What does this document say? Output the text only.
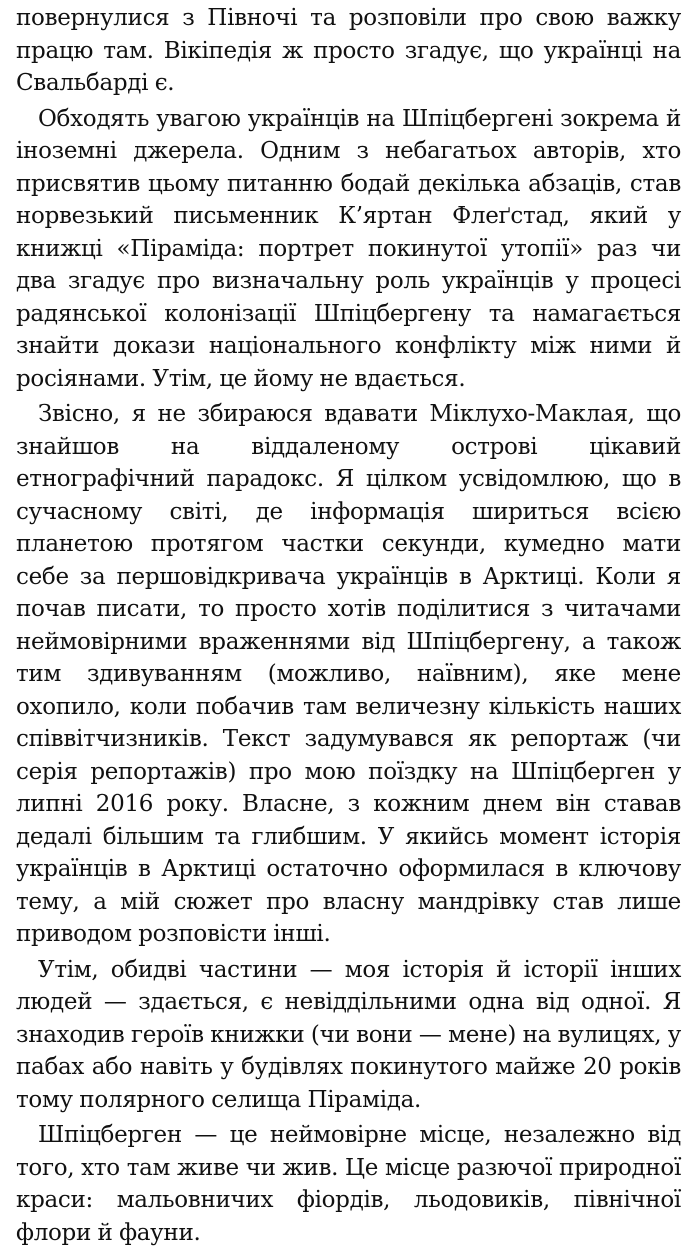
повернулися з Півночі та розповіли про свою важку працю там. Вікіпедія ж просто згадує, що українці на Свальбарді є.

Обходять увагою українців на Шпіцбергені зокрема й іноземні джерела. Одним з небагатьох авторів, хто присвятив цьому питанню бодай декілька абзаців, став норвезький письменник К’яртан Флеґстад, який у книжці «Піраміда: портрет покинутої утопії» раз чи два згадує про визначальну роль українців у процесі радянської колонізації Шпіцбергену та намагається знайти докази національного конфлікту між ними й росіянами. Утім, це йому не вдається.

Звісно, я не збираюся вдавати Міклухо-Маклая, що знайшов на віддаленому острові цікавий етнографічний парадокс. Я цілком усвідомлюю, що в сучасному світі, де інформація шириться всією планетою протягом частки секунди, кумедно мати себе за першовідкривача українців в Арктиці. Коли я почав писати, то просто хотів поділитися з читачами неймовірними враженнями від Шпіцбергену, а також тим здивуванням (можливо, наївним), яке мене охопило, коли побачив там величезну кількість наших співвітчизників. Текст задумувався як репортаж (чи серія репортажів) про мою поїздку на Шпіцберген у липні 2016 року. Власне, з кожним днем він ставав дедалі більшим та глибшим. У якийсь момент історія українців в Арктиці остаточно оформилася в ключову тему, а мій сюжет про власну мандрівку став лише приводом розповісти інші.

Утім, обидві частини — моя історія й історії інших людей — здається, є невіддільними одна від одної. Я знаходив героїв книжки (чи вони — мене) на вулицях, у пабах або навіть у будівлях покинутого майже 20 років тому полярного селища Піраміда.

Шпіцберген — це неймовірне місце, незалежно від того, хто там живе чи жив. Це місце разючої природної краси: мальовничих фіордів, льодовиків, північної флори й фауни.
